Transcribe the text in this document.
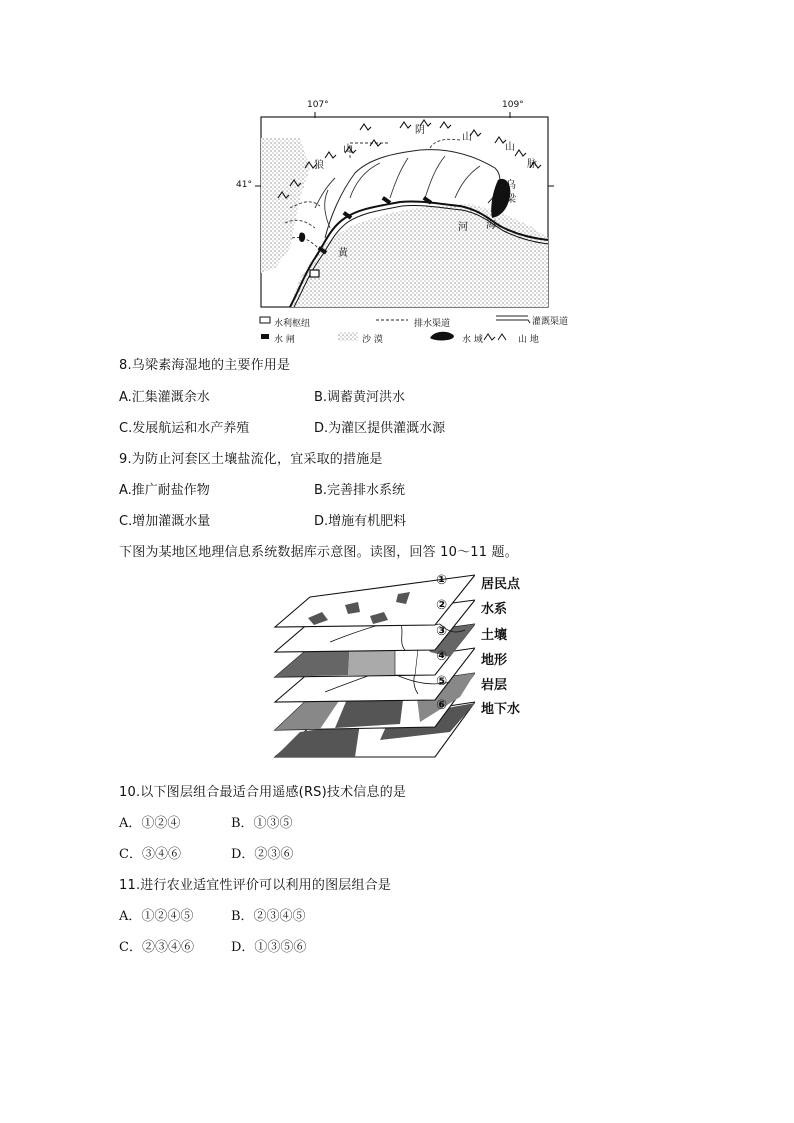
107°	109°
41°
阴
山
山
脉
狼
山
黄
河
乌
梁
素
海
水利枢纽	排水渠道	灌溉渠道
水 闸	沙 漠	水 域	山 地
8.乌梁素海湿地的主要作用是
A.汇集灌溉余水	B.调蓄黄河洪水
C.发展航运和水产养殖	D.为灌区提供灌溉水源
9.为防止河套区土壤盐流化，宜采取的措施是
A.推广耐盐作物	B.完善排水系统
C.增加灌溉水量	D.增施有机肥料
下图为某地区地理信息系统数据库示意图。读图，回答 10～11 题。
①	居民点
②	水系
③	土壤
④	地形
⑤	岩层
⑥	地下水
10.以下图层组合最适合用遥感(RS)技术信息的是
A．①②④	B．①③⑤
C．③④⑥	D．②③⑥
11.进行农业适宜性评价可以利用的图层组合是
A．①②④⑤	B．②③④⑤
C．②③④⑥	D．①③⑤⑥
